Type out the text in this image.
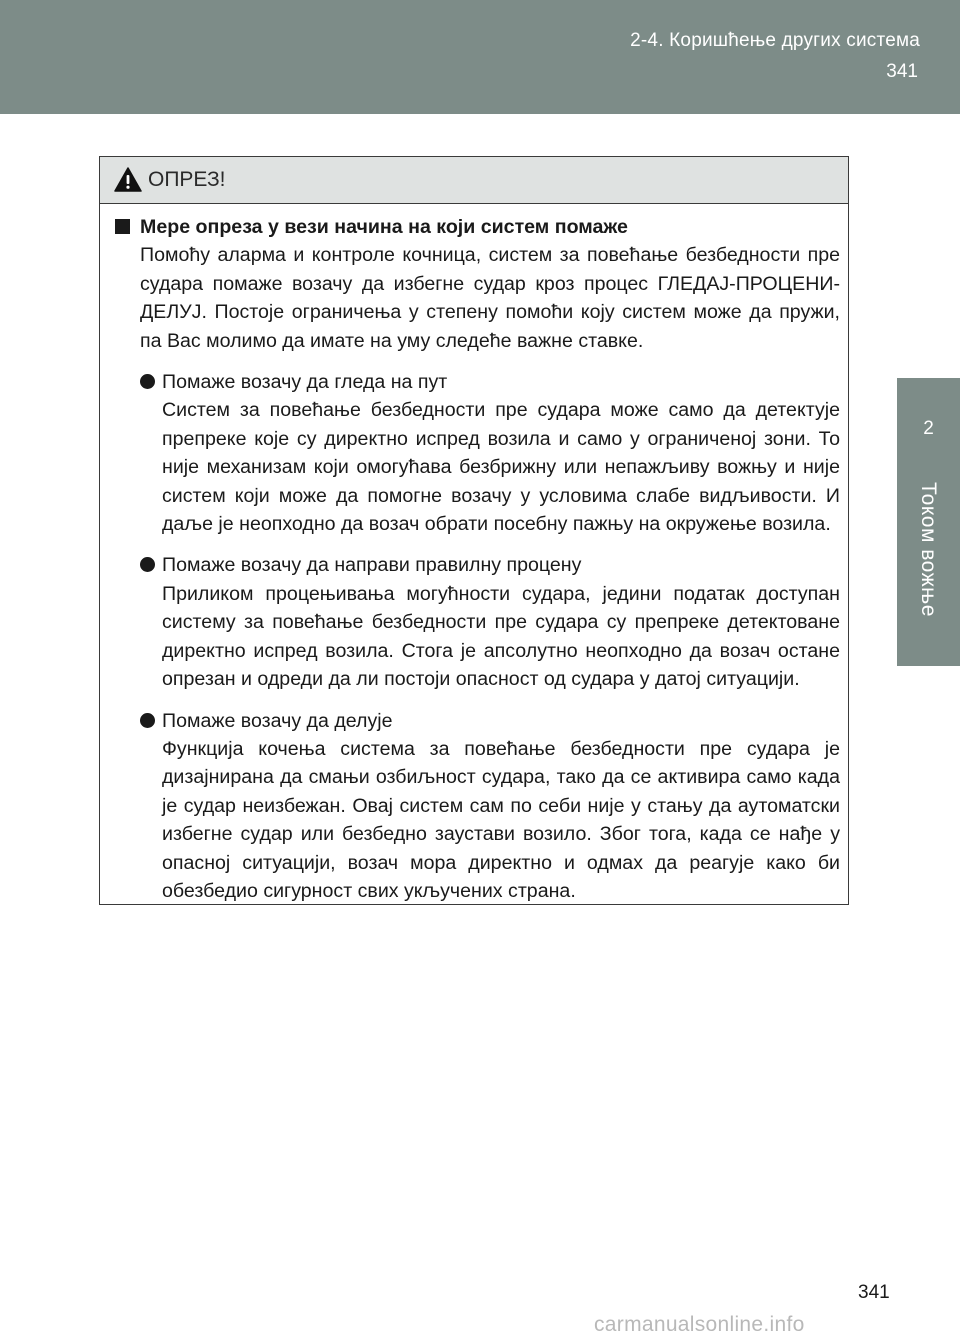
2-4. Коришћење других система
341
2
Током вожње
ОПРЕЗ!
Мере опреза у вези начина на који систем помаже
Помоћу аларма и контроле кочница, систем за повећање безбедности пре судара помаже возачу да избегне судар кроз процес ГЛЕДАЈ-ПРОЦЕНИ-ДЕЛУЈ. Постоје ограничења у степену помоћи коју систем може да пружи, па Вас молимо да имате на уму следеће важне ставке.
Помаже возачу да гледа на пут
Систем за повећање безбедности пре судара може само да детектује препреке које су директно испред возила и само у ограниченој зони. То није механизам који омогућава безбрижну или непажљиву вожњу и није систем који може да помогне возачу у условима слабе видљивости. И даље је неопходно да возач обрати посебну пажњу на окружење возила.
Помаже возачу да направи правилну процену
Приликом процењивања могућности судара, једини податак доступан систему за повећање безбедности пре судара су препреке детектоване директно испред возила. Стога је апсолутно неопходно да возач остане опрезан и одреди да ли постоји опасност од судара у датој ситуацији.
Помаже возачу да делује
Функција кочења система за повећање безбедности пре судара је дизајнирана да смањи озбиљност судара, тако да се активира само када је судар неизбежан. Овај систем сам по себи није у стању да аутоматски избегне судар или безбедно заустави возило. Због тога, када се нађе у опасној ситуацији, возач мора директно и одмах да реагује како би обезбедио сигурност свих укључених страна.
341
carmanualsonline.info
